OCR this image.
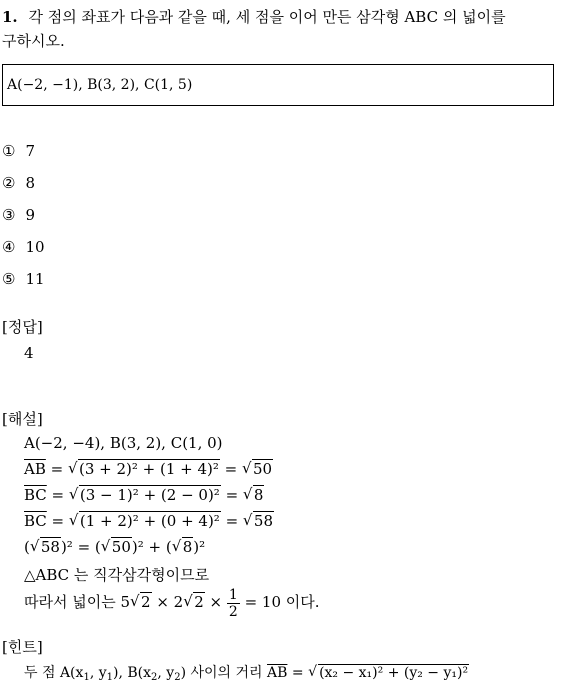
1. 각 점의 좌표가 다음과 같을 때, 세 점을 이어 만든 삼각형 ABC 의 넓이를
구하시오.
A(−2, −1), B(3, 2), C(1, 5)
① 7
② 8
③ 9
④ 10
⑤ 11
[정답]
4
[해설]
A(−2, −4), B(3, 2), C(1, 0)
$\overline{AB}$ = √ (3 + 2)² + (1 + 4)² = √ 50
$\overline{BC}$ = √ (3 − 1)² + (2 − 0)² = √ 8
$\overline{BC}$ = √ (1 + 2)² + (0 + 4)² = √ 58
( √ 58)² = ( √ 50)² + ( √ 8)²
△ABC 는 직각삼각형이므로
따라서 넓이는 5 √ 2 × 2 √ $2 \times \frac{1}{2} = 10$ 이다.
[힌트]
두 점 $A(x_1$, $y_1$), $B(x_2$, $y_2$) 사이의 거리 $\overline{AB}$ = √ (x₂ − x₁)² + (y₂ − y₁)²
